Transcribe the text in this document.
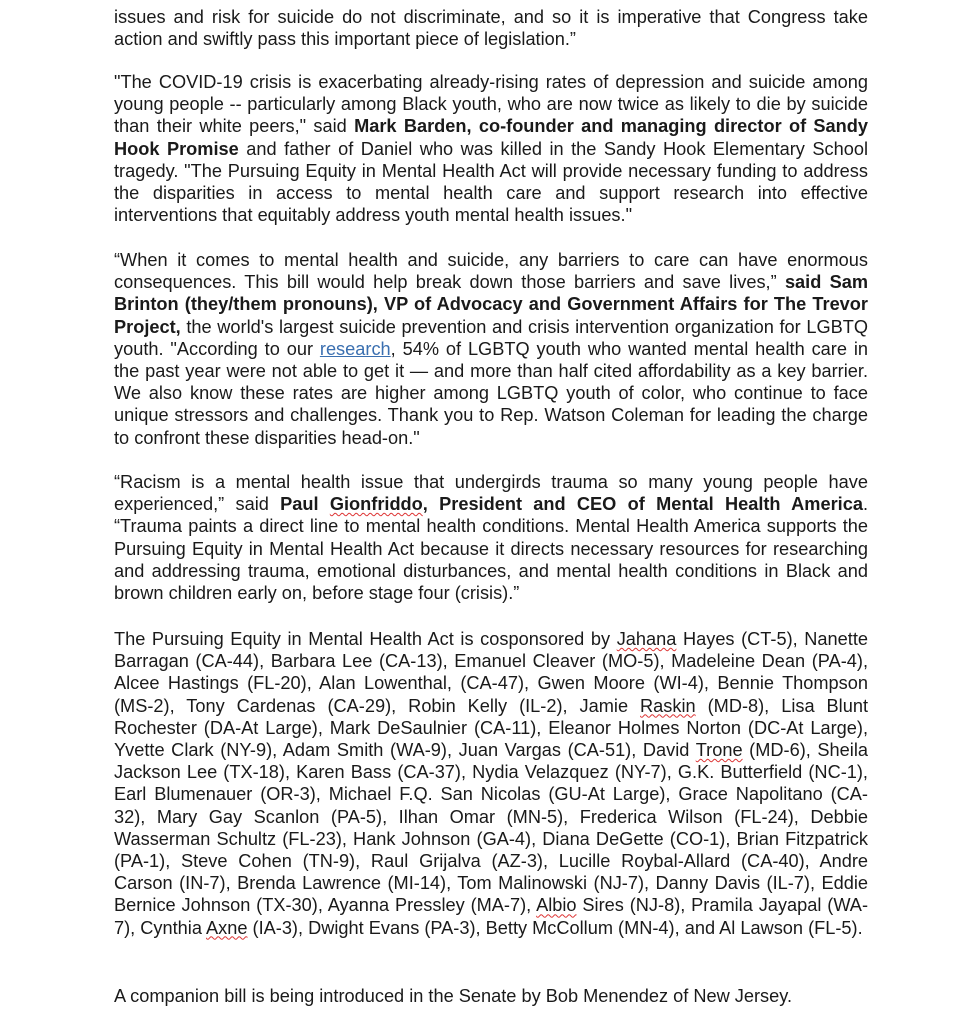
issues and risk for suicide do not discriminate, and so it is imperative that Congress take action and swiftly pass this important piece of legislation.”

"The COVID-19 crisis is exacerbating already-rising rates of depression and suicide among young people -- particularly among Black youth, who are now twice as likely to die by suicide than their white peers," said Mark Barden, co-founder and managing director of Sandy Hook Promise and father of Daniel who was killed in the Sandy Hook Elementary School tragedy. "The Pursuing Equity in Mental Health Act will provide necessary funding to address the disparities in access to mental health care and support research into effective interventions that equitably address youth mental health issues."

“When it comes to mental health and suicide, any barriers to care can have enormous consequences. This bill would help break down those barriers and save lives,” said Sam Brinton (they/them pronouns), VP of Advocacy and Government Affairs for The Trevor Project, the world's largest suicide prevention and crisis intervention organization for LGBTQ youth. "According to our research, 54% of LGBTQ youth who wanted mental health care in the past year were not able to get it — and more than half cited affordability as a key barrier. We also know these rates are higher among LGBTQ youth of color, who continue to face unique stressors and challenges. Thank you to Rep. Watson Coleman for leading the charge to confront these disparities head-on."

“Racism is a mental health issue that undergirds trauma so many young people have experienced,” said Paul Gionfriddo, President and CEO of Mental Health America. “Trauma paints a direct line to mental health conditions. Mental Health America supports the Pursuing Equity in Mental Health Act because it directs necessary resources for researching and addressing trauma, emotional disturbances, and mental health conditions in Black and brown children early on, before stage four (crisis).”

The Pursuing Equity in Mental Health Act is cosponsored by Jahana Hayes (CT-5), Nanette Barragan (CA-44), Barbara Lee (CA-13), Emanuel Cleaver (MO-5), Madeleine Dean (PA-4), Alcee Hastings (FL-20), Alan Lowenthal, (CA-47), Gwen Moore (WI-4), Bennie Thompson (MS-2), Tony Cardenas (CA-29), Robin Kelly (IL-2), Jamie Raskin (MD-8), Lisa Blunt Rochester (DA-At Large), Mark DeSaulnier (CA-11), Eleanor Holmes Norton (DC-At Large), Yvette Clark (NY-9), Adam Smith (WA-9), Juan Vargas (CA-51), David Trone (MD-6), Sheila Jackson Lee (TX-18), Karen Bass (CA-37), Nydia Velazquez (NY-7), G.K. Butterfield (NC-1), Earl Blumenauer (OR-3), Michael F.Q. San Nicolas (GU-At Large), Grace Napolitano (CA-32), Mary Gay Scanlon (PA-5), Ilhan Omar (MN-5), Frederica Wilson (FL-24), Debbie Wasserman Schultz (FL-23), Hank Johnson (GA-4), Diana DeGette (CO-1), Brian Fitzpatrick (PA-1), Steve Cohen (TN-9), Raul Grijalva (AZ-3), Lucille Roybal-Allard (CA-40), Andre Carson (IN-7), Brenda Lawrence (MI-14), Tom Malinowski (NJ-7), Danny Davis (IL-7), Eddie Bernice Johnson (TX-30), Ayanna Pressley (MA-7), Albio Sires (NJ-8), Pramila Jayapal (WA-7), Cynthia Axne (IA-3), Dwight Evans (PA-3), Betty McCollum (MN-4), and Al Lawson (FL-5).

A companion bill is being introduced in the Senate by Bob Menendez of New Jersey.
